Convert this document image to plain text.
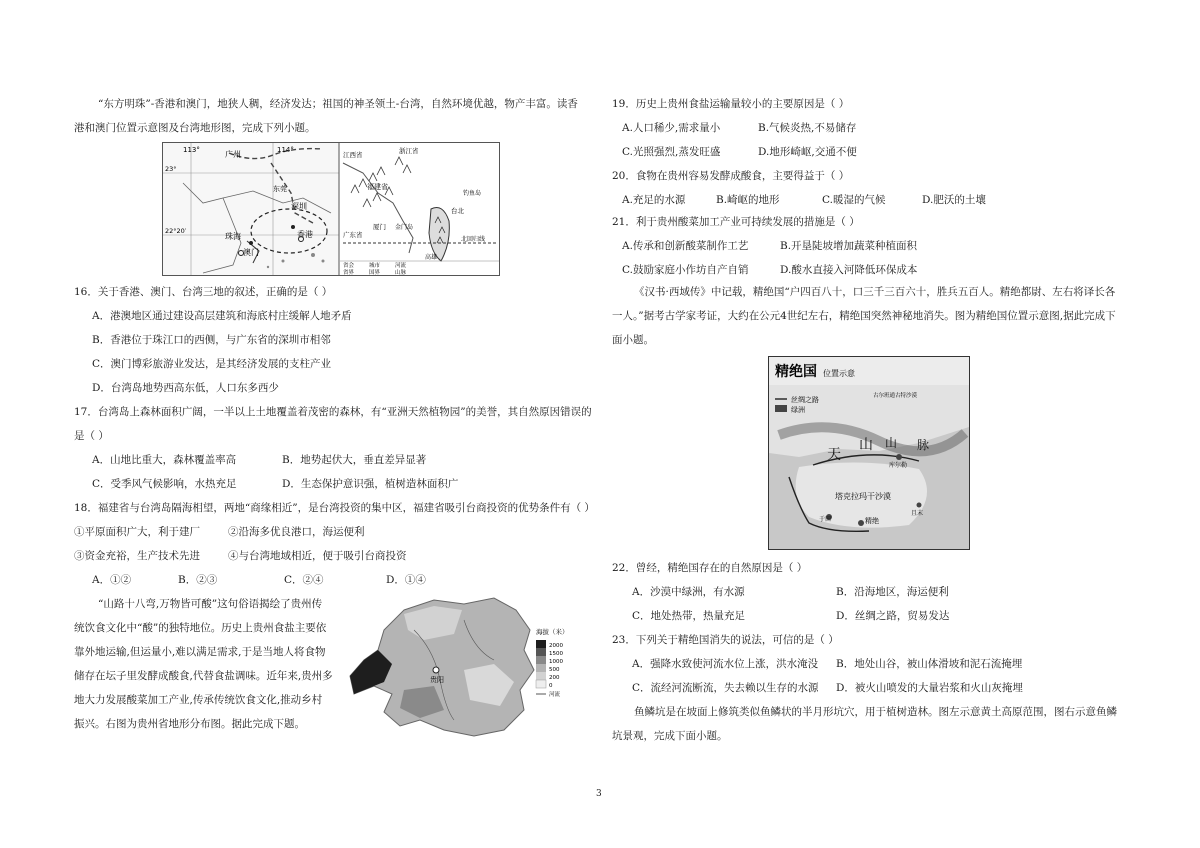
“东方明珠”-香港和澳门，地狭人稠，经济发达；祖国的神圣领土-台湾，自然环境优越，物产丰富。读香
港和澳门位置示意图及台湾地形图，完成下列小题。
113°	114°
广州
23°
22°20′
珠海
澳门
深圳
香港
东莞
江西省	浙江省
福建省
广东省
厦门 金门岛
钓鱼岛
台北
高雄
北回归线
省会	城市	河流
省界	国界	山脉
16．关于香港、澳门、台湾三地的叙述，正确的是（ ）
A．港澳地区通过建设高层建筑和海底村庄缓解人地矛盾
B．香港位于珠江口的西侧，与广东省的深圳市相邻
C．澳门博彩旅游业发达，是其经济发展的支柱产业
D．台湾岛地势西高东低，人口东多西少
17．台湾岛上森林面积广阔，一半以上土地覆盖着茂密的森林，有“亚洲天然植物园”的美誉，其自然原因错误的
是（ ）
A．山地比重大，森林覆盖率高	B．地势起伏大，垂直差异显著
C．受季风气候影响，水热充足	D．生态保护意识强，植树造林面积广
18．福建省与台湾岛隔海相望，两地“商缘相近”，是台湾投资的集中区，福建省吸引台商投资的优势条件有（ ）
①平原面积广大，利于建厂	②沿海多优良港口，海运便利
③资金充裕，生产技术先进	④与台湾地域相近，便于吸引台商投资
A．①②	B．②③	C．②④	D．①④
“山路十八弯,万物皆可酸”这句俗语揭绘了贵州传
统饮食文化中“酸”的独特地位。历史上贵州食盐主要依
靠外地运输,但运量小,难以满足需求,于是当地人将食物
储存在坛子里发酵成酸食,代替食盐调味。近年来,贵州多
地大力发展酸菜加工产业,传承传统饮食文化,推动乡村
振兴。右图为贵州省地形分布图。据此完成下题。
贵阳
海拔（米）
2000
1500
1000
500
200
0
河流
19．历史上贵州食盐运输量较小的主要原因是（ ）
A.人口稀少,需求量小	B.气候炎热,不易储存
C.光照强烈,蒸发旺盛	D.地形崎岖,交通不便
20．食物在贵州容易发酵成酸食，主要得益于（ ）
A.充足的水源	B.崎岖的地形	C.暖湿的气候	D.肥沃的土壤
21．利于贵州酸菜加工产业可持续发展的措施是（ ）
A.传承和创新酸菜制作工艺	B.开垦陡坡增加蔬菜种植面积
C.鼓励家庭小作坊自产自销	D.酸水直接入河降低环保成本
《汉书·西域传》中记载，精绝国“户四百八十，口三千三百六十，胜兵五百人。精绝都尉、左右将译长各
一人。”据考古学家考证，大约在公元4世纪左右，精绝国突然神秘地消失。图为精绝国位置示意图,据此完成下
面小题。
精绝国 位置示意
丝绸之路
绿洲
天
山 山 脉
塔克拉玛干沙漠
精绝
于田
且末
库尔勒
古尔班通古特沙漠
22．曾经，精绝国存在的自然原因是（ ）
A．沙漠中绿洲，有水源	B．沿海地区，海运便利
C．地处热带，热量充足	D．丝绸之路，贸易发达
23．下列关于精绝国消失的说法，可信的是（ ）
A．强降水致使河流水位上涨，洪水淹没 B．地处山谷，被山体滑坡和泥石流掩埋
C．流经河流断流，失去赖以生存的水源 D．被火山喷发的大量岩浆和火山灰掩埋
鱼鳞坑是在坡面上修筑类似鱼鳞状的半月形坑穴，用于植树造林。图左示意黄土高原范围，图右示意鱼鳞
坑景观，完成下面小题。
3
